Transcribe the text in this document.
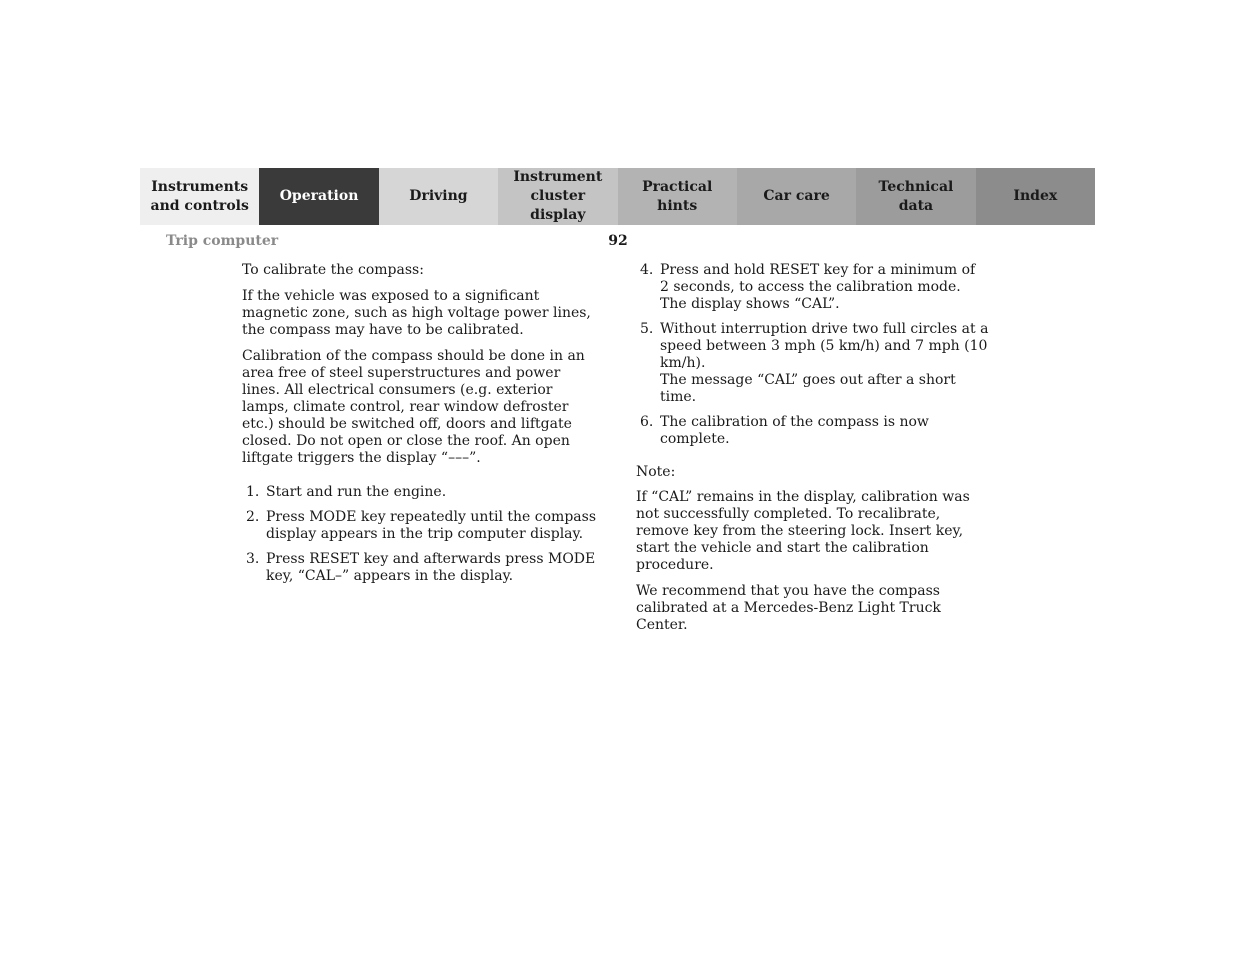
Instruments
and controls
Operation	Driving
Instrument
cluster display
Practical hints
Car care
Technical
data
Index
Trip computer	92

To calibrate the compass:

If the vehicle was exposed to a significant magnetic zone, such as high voltage power lines, the compass may have to be calibrated.

Calibration of the compass should be done in an area free of steel superstructures and power lines. All electrical consumers (e.g. exterior lamps, climate control, rear window defroster etc.) should be switched off, doors and liftgate closed. Do not open or close the roof. An open liftgate triggers the display “–––”.

1. Start and run the engine.
2. Press MODE key repeatedly until the compass display appears in the trip computer display.
3. Press RESET key and afterwards press MODE key, “CAL–” appears in the display.
4. Press and hold RESET key for a minimum of
2 seconds, to access the calibration mode.
The display shows “CAL”.
5. Without interruption drive two full circles at a speed between 3 mph (5 km/h) and 7 mph (10 km/h).
The message “CAL” goes out after a short time.
6. The calibration of the compass is now complete.

Note:

If “CAL” remains in the display, calibration was not successfully completed. To recalibrate, remove key from the steering lock. Insert key, start the vehicle and start the calibration procedure.

We recommend that you have the compass calibrated at a Mercedes-Benz Light Truck Center.
